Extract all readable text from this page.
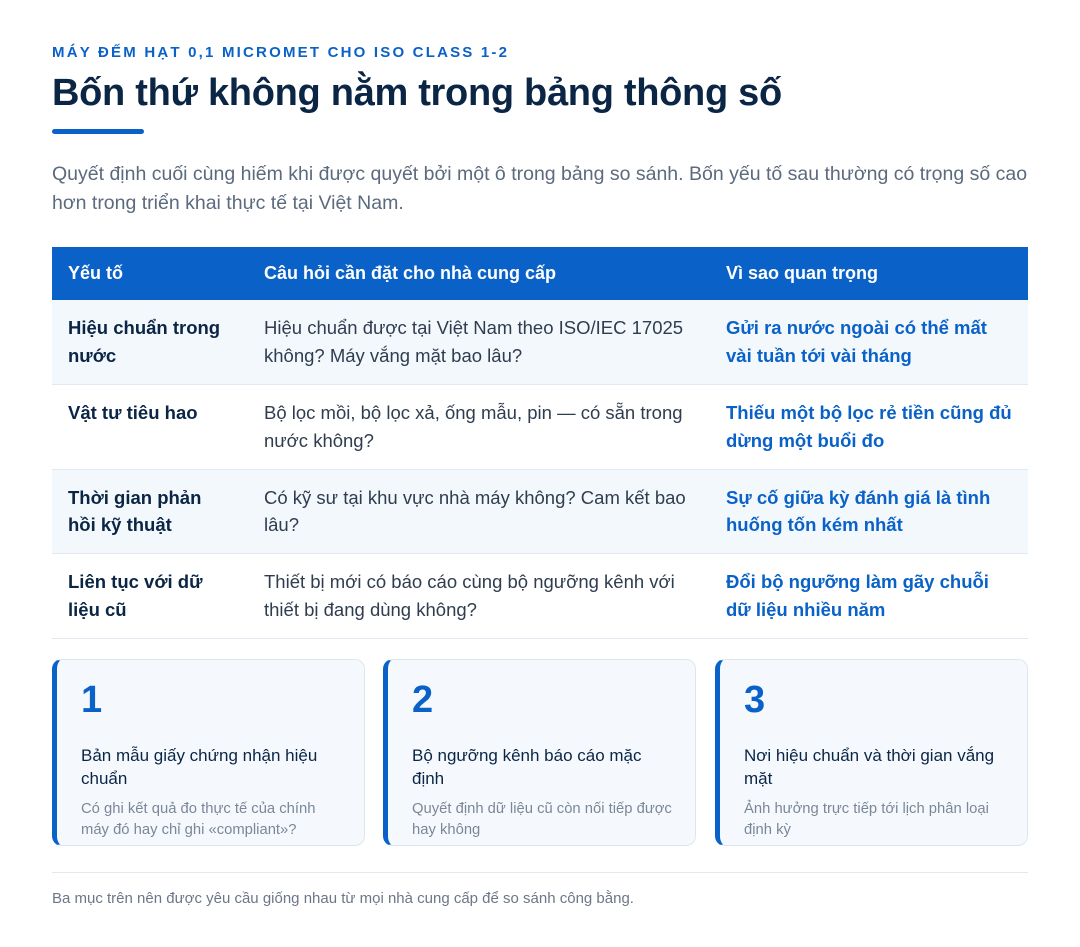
MÁY ĐẾM HẠT 0,1 MICROMET CHO ISO CLASS 1-2
Bốn thứ không nằm trong bảng thông số

Quyết định cuối cùng hiếm khi được quyết bởi một ô trong bảng so sánh. Bốn yếu tố sau thường có trọng số cao hơn trong triển khai thực tế tại Việt Nam.

Yếu tố	Câu hỏi cần đặt cho nhà cung cấp	Vì sao quan trọng
Hiệu chuẩn trong nước	Hiệu chuẩn được tại Việt Nam theo ISO/IEC 17025 không? Máy vắng mặt bao lâu?	Gửi ra nước ngoài có thể mất vài tuần tới vài tháng
Vật tư tiêu hao	Bộ lọc mồi, bộ lọc xả, ống mẫu, pin — có sẵn trong nước không?	Thiếu một bộ lọc rẻ tiền cũng đủ dừng một buổi đo
Thời gian phản hồi kỹ thuật	Có kỹ sư tại khu vực nhà máy không? Cam kết bao lâu?	Sự cố giữa kỳ đánh giá là tình huống tốn kém nhất
Liên tục với dữ liệu cũ	Thiết bị mới có báo cáo cùng bộ ngưỡng kênh với thiết bị đang dùng không?	Đổi bộ ngưỡng làm gãy chuỗi dữ liệu nhiều năm
1
Bản mẫu giấy chứng nhận hiệu chuẩn
Có ghi kết quả đo thực tế của chính máy đó hay chỉ ghi «compliant»?
2
Bộ ngưỡng kênh báo cáo mặc định
Quyết định dữ liệu cũ còn nối tiếp được hay không
3
Nơi hiệu chuẩn và thời gian vắng mặt
Ảnh hưởng trực tiếp tới lịch phân loại định kỳ

Ba mục trên nên được yêu cầu giống nhau từ mọi nhà cung cấp để so sánh công bằng.
